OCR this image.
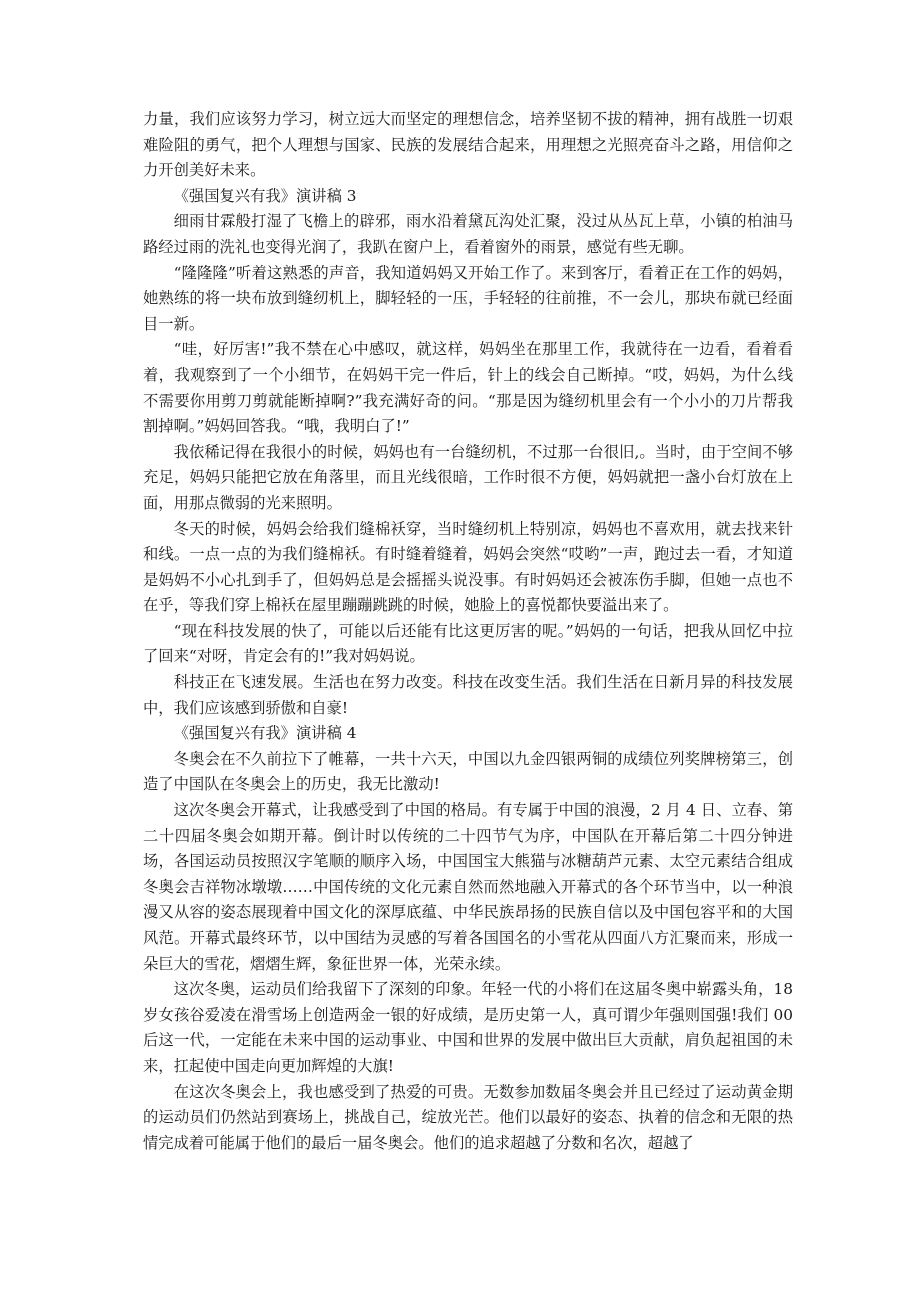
力量，我们应该努力学习，树立远大而坚定的理想信念，培养坚韧不拔的精神，拥有战胜一切艰难险阻的勇气，把个人理想与国家、民族的发展结合起来，用理想之光照亮奋斗之路，用信仰之力开创美好未来。

《强国复兴有我》演讲稿 3

细雨甘霖般打湿了飞檐上的辟邪，雨水沿着黛瓦沟处汇聚，没过从丛瓦上草，小镇的柏油马路经过雨的洗礼也变得光润了，我趴在窗户上，看着窗外的雨景，感觉有些无聊。

“隆隆隆”听着这熟悉的声音，我知道妈妈又开始工作了。来到客厅，看着正在工作的妈妈，她熟练的将一块布放到缝纫机上，脚轻轻的一压，手轻轻的往前推，不一会儿，那块布就已经面目一新。

“哇，好厉害!”我不禁在心中感叹，就这样，妈妈坐在那里工作，我就待在一边看，看着看着，我观察到了一个小细节，在妈妈干完一件后，针上的线会自己断掉。“哎，妈妈，为什么线不需要你用剪刀剪就能断掉啊?”我充满好奇的问。“那是因为缝纫机里会有一个小小的刀片帮我割掉啊。”妈妈回答我。“哦，我明白了!”

我依稀记得在我很小的时候，妈妈也有一台缝纫机，不过那一台很旧,。当时，由于空间不够充足，妈妈只能把它放在角落里，而且光线很暗，工作时很不方便，妈妈就把一盏小台灯放在上面，用那点微弱的光来照明。

冬天的时候，妈妈会给我们缝棉袄穿，当时缝纫机上特别凉，妈妈也不喜欢用，就去找来针和线。一点一点的为我们缝棉袄。有时缝着缝着，妈妈会突然“哎哟”一声，跑过去一看，才知道是妈妈不小心扎到手了，但妈妈总是会摇摇头说没事。有时妈妈还会被冻伤手脚，但她一点也不在乎，等我们穿上棉袄在屋里蹦蹦跳跳的时候，她脸上的喜悦都快要溢出来了。

“现在科技发展的快了，可能以后还能有比这更厉害的呢。”妈妈的一句话，把我从回忆中拉了回来“对呀，肯定会有的!”我对妈妈说。

科技正在飞速发展。生活也在努力改变。科技在改变生活。我们生活在日新月异的科技发展中，我们应该感到骄傲和自豪!

《强国复兴有我》演讲稿 4

冬奥会在不久前拉下了帷幕，一共十六天，中国以九金四银两铜的成绩位列奖牌榜第三，创造了中国队在冬奥会上的历史，我无比激动!

这次冬奥会开幕式，让我感受到了中国的格局。有专属于中国的浪漫，2 月 4 日、立春、第二十四届冬奥会如期开幕。倒计时以传统的二十四节气为序，中国队在开幕后第二十四分钟进场，各国运动员按照汉字笔顺的顺序入场，中国国宝大熊猫与冰糖葫芦元素、太空元素结合组成冬奥会吉祥物冰墩墩……中国传统的文化元素自然而然地融入开幕式的各个环节当中，以一种浪漫又从容的姿态展现着中国文化的深厚底蕴、中华民族昂扬的民族自信以及中国包容平和的大国风范。开幕式最终环节，以中国结为灵感的写着各国国名的小雪花从四面八方汇聚而来，形成一朵巨大的雪花，熠熠生辉，象征世界一体，光荣永续。

这次冬奥，运动员们给我留下了深刻的印象。年轻一代的小将们在这届冬奥中崭露头角，18 岁女孩谷爱凌在滑雪场上创造两金一银的好成绩，是历史第一人，真可谓少年强则国强!我们 00 后这一代，一定能在未来中国的运动事业、中国和世界的发展中做出巨大贡献，肩负起祖国的未来，扛起使中国走向更加辉煌的大旗!

在这次冬奥会上，我也感受到了热爱的可贵。无数参加数届冬奥会并且已经过了运动黄金期的运动员们仍然站到赛场上，挑战自己，绽放光芒。他们以最好的姿态、执着的信念和无限的热情完成着可能属于他们的最后一届冬奥会。他们的追求超越了分数和名次，超越了
